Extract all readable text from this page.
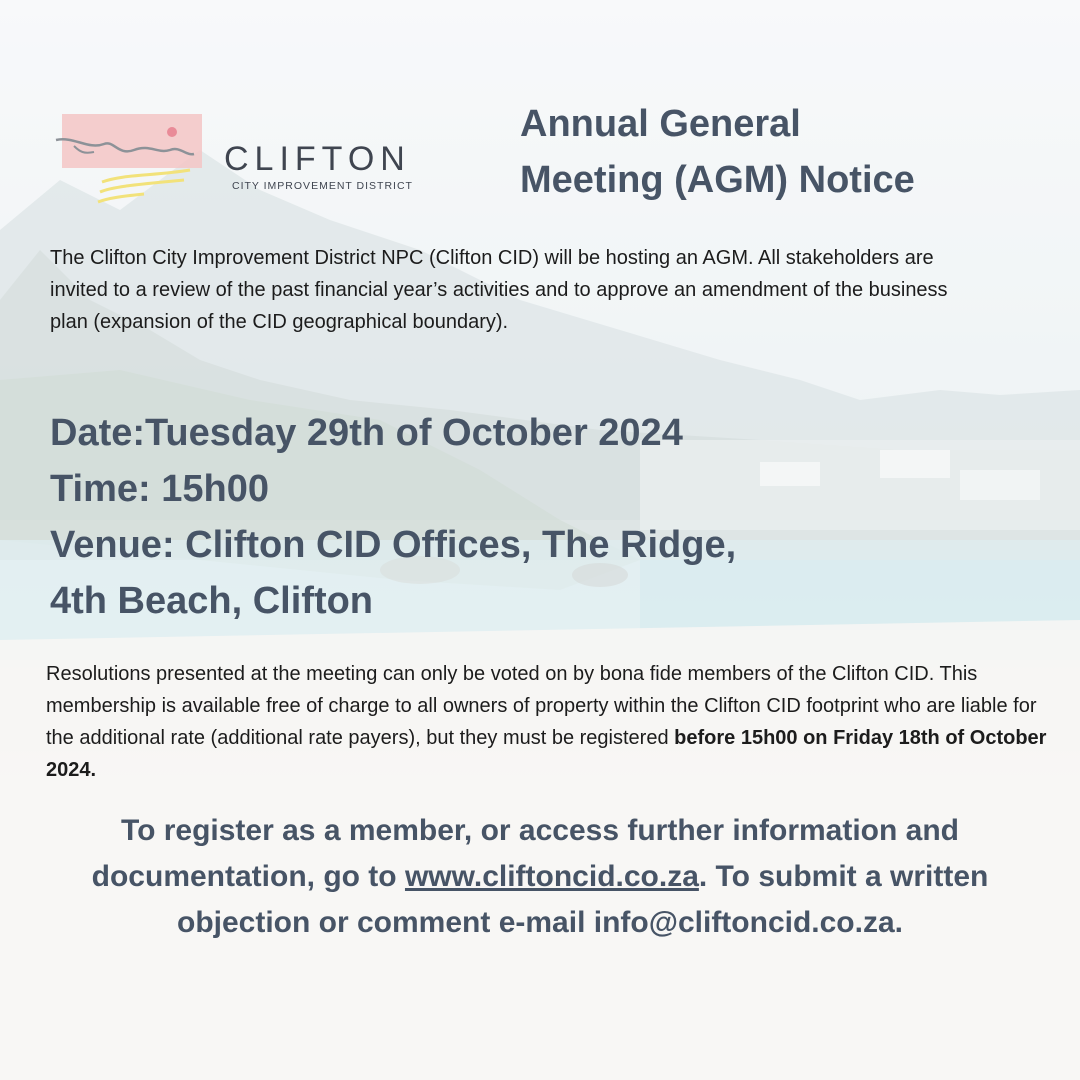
CLIFTON
CITY IMPROVEMENT DISTRICT
Annual General
Meeting (AGM) Notice
The Clifton City Improvement District NPC (Clifton CID) will be hosting an AGM. All stakeholders are invited to a review of the past financial year’s activities and to approve an amendment of the business plan (expansion of the CID geographical boundary).
Date:Tuesday 29th of October 2024
Time: 15h00
Venue: Clifton CID Offices, The Ridge,
4th Beach, Clifton
Resolutions presented at the meeting can only be voted on by bona fide members of the Clifton CID. This membership is available free of charge to all owners of property within the Clifton CID footprint who are liable for the additional rate (additional rate payers), but they must be registered before 15h00 on Friday 18th of October 2024.
To register as a member, or access further information and documentation, go to www.cliftoncid.co.za. To submit a written objection or comment e-mail info@cliftoncid.co.za.
